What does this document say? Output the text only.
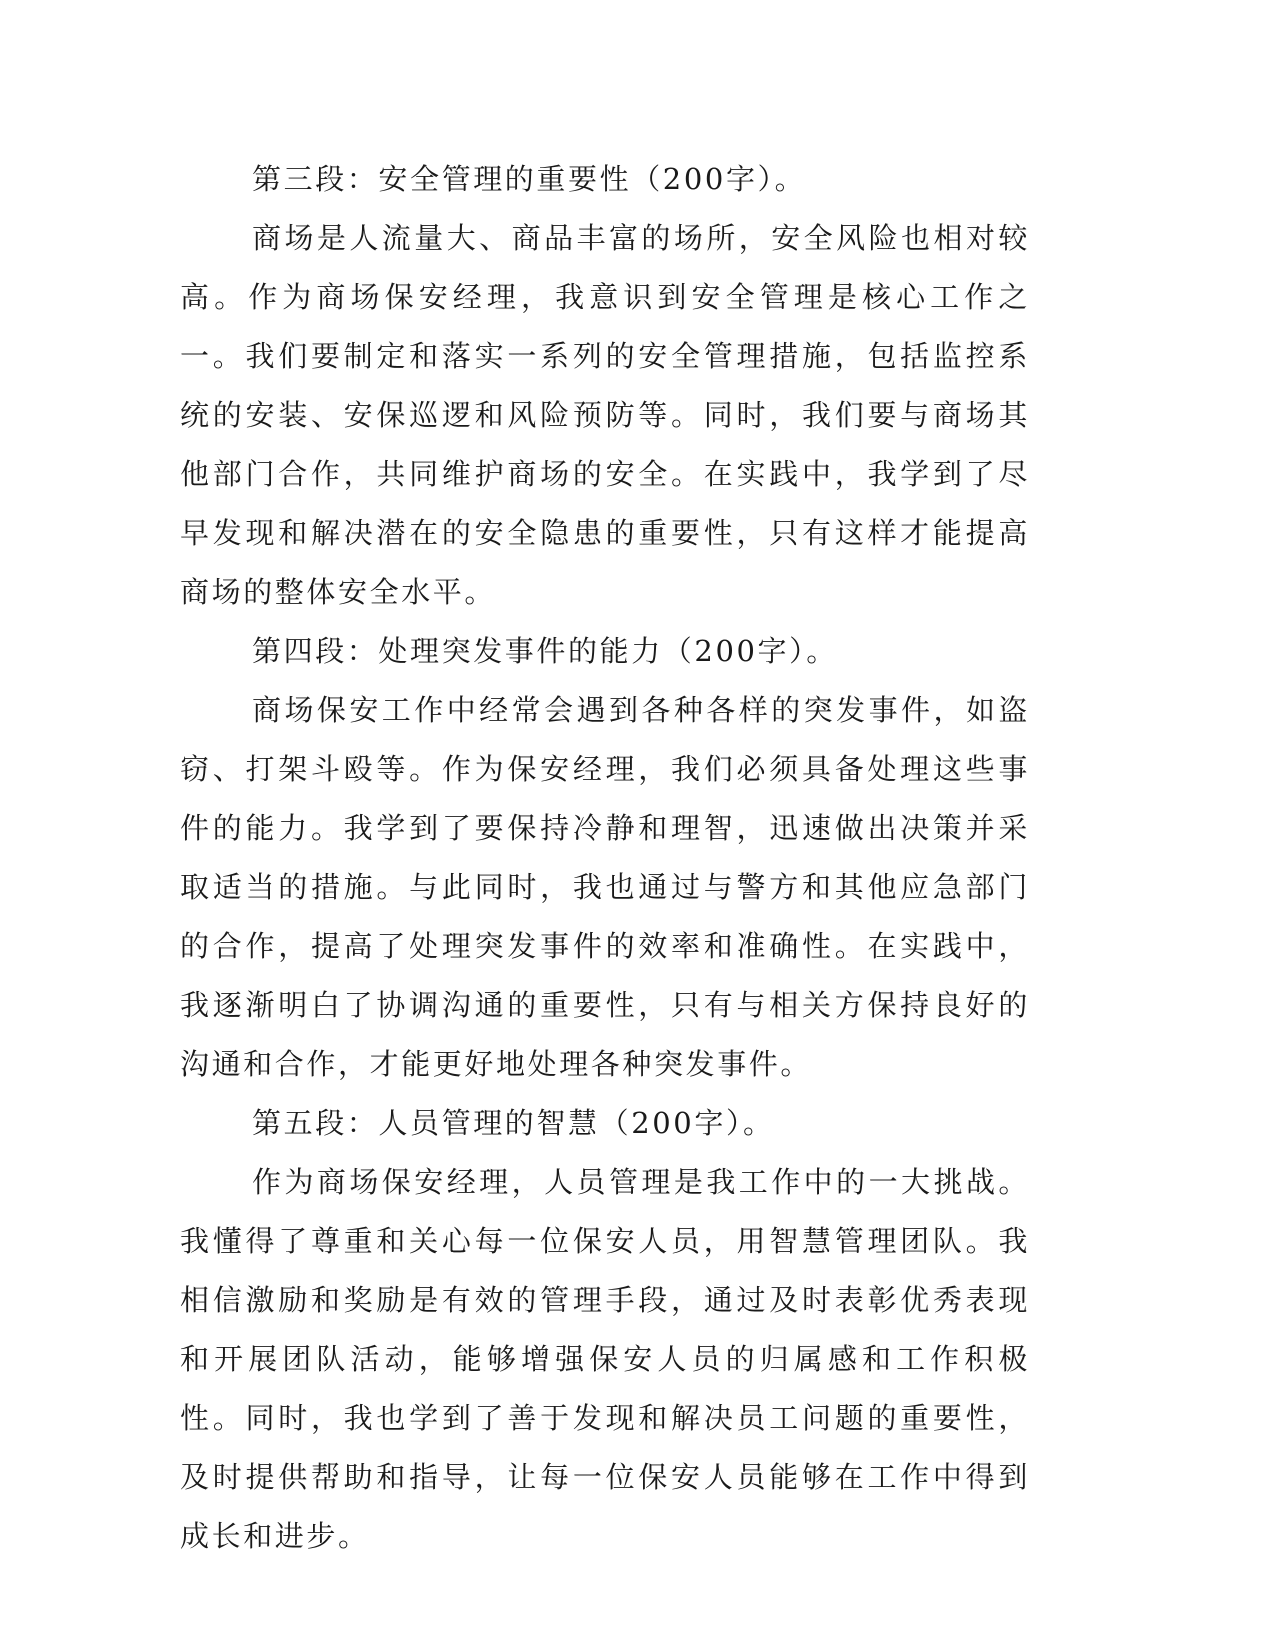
第三段：安全管理的重要性（200字）。

商场是人流量大、商品丰富的场所，安全风险也相对较高。作为商场保安经理，我意识到安全管理是核心工作之一。我们要制定和落实一系列的安全管理措施，包括监控系统的安装、安保巡逻和风险预防等。同时，我们要与商场其他部门合作，共同维护商场的安全。在实践中，我学到了尽早发现和解决潜在的安全隐患的重要性，只有这样才能提高商场的整体安全水平。

第四段：处理突发事件的能力（200字）。

商场保安工作中经常会遇到各种各样的突发事件，如盗窃、打架斗殴等。作为保安经理，我们必须具备处理这些事件的能力。我学到了要保持冷静和理智，迅速做出决策并采取适当的措施。与此同时，我也通过与警方和其他应急部门的合作，提高了处理突发事件的效率和准确性。在实践中，我逐渐明白了协调沟通的重要性，只有与相关方保持良好的沟通和合作，才能更好地处理各种突发事件。

第五段：人员管理的智慧（200字）。

作为商场保安经理，人员管理是我工作中的一大挑战。我懂得了尊重和关心每一位保安人员，用智慧管理团队。我相信激励和奖励是有效的管理手段，通过及时表彰优秀表现和开展团队活动，能够增强保安人员的归属感和工作积极性。同时，我也学到了善于发现和解决员工问题的重要性，及时提供帮助和指导，让每一位保安人员能够在工作中得到成长和进步。
